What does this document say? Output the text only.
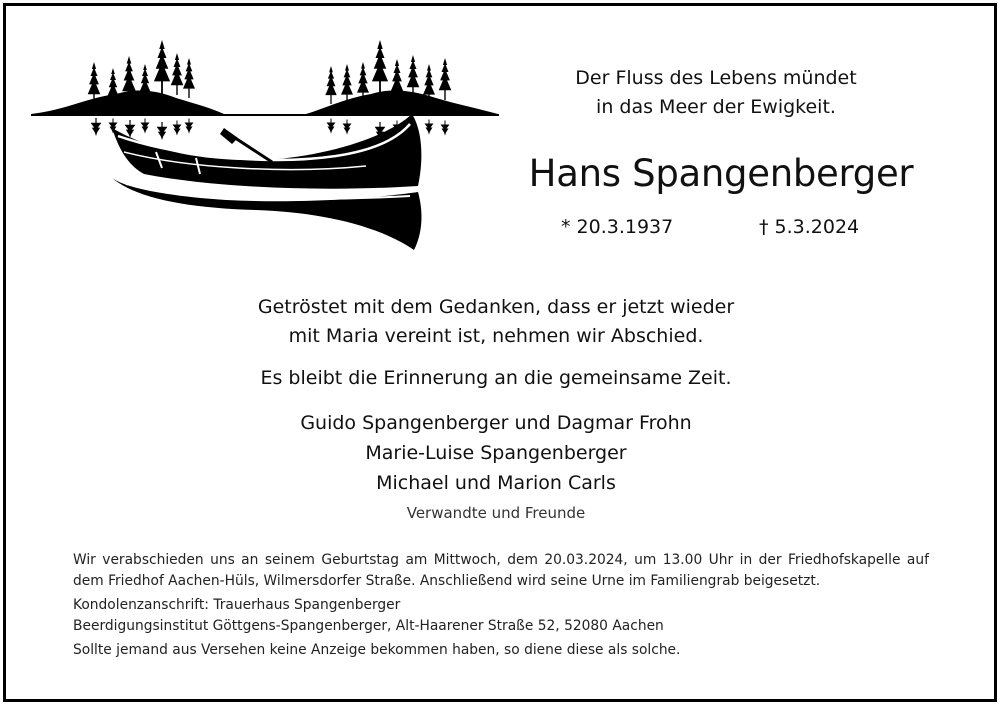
Der Fluss des Lebens mündet
in das Meer der Ewigkeit.
Hans Spangenberger
* 20.3.1937	† 5.3.2024
Getröstet mit dem Gedanken, dass er jetzt wieder
mit Maria vereint ist, nehmen wir Abschied.
Es bleibt die Erinnerung an die gemeinsame Zeit.
Guido Spangenberger und Dagmar Frohn
Marie-Luise Spangenberger
Michael und Marion Carls
Verwandte und Freunde

Wir verabschieden uns an seinem Geburtstag am Mittwoch, dem 20.03.2024, um 13.00 Uhr in der Friedhofskapelle auf dem Friedhof Aachen-Hüls, Wilmersdorfer Straße. Anschließend wird seine Urne im Familiengrab beigesetzt.

Kondolenzanschrift: Trauerhaus Spangenberger

Beerdigungsinstitut Göttgens-Spangenberger, Alt-Haarener Straße 52, 52080 Aachen

Sollte jemand aus Versehen keine Anzeige bekommen haben, so diene diese als solche.
